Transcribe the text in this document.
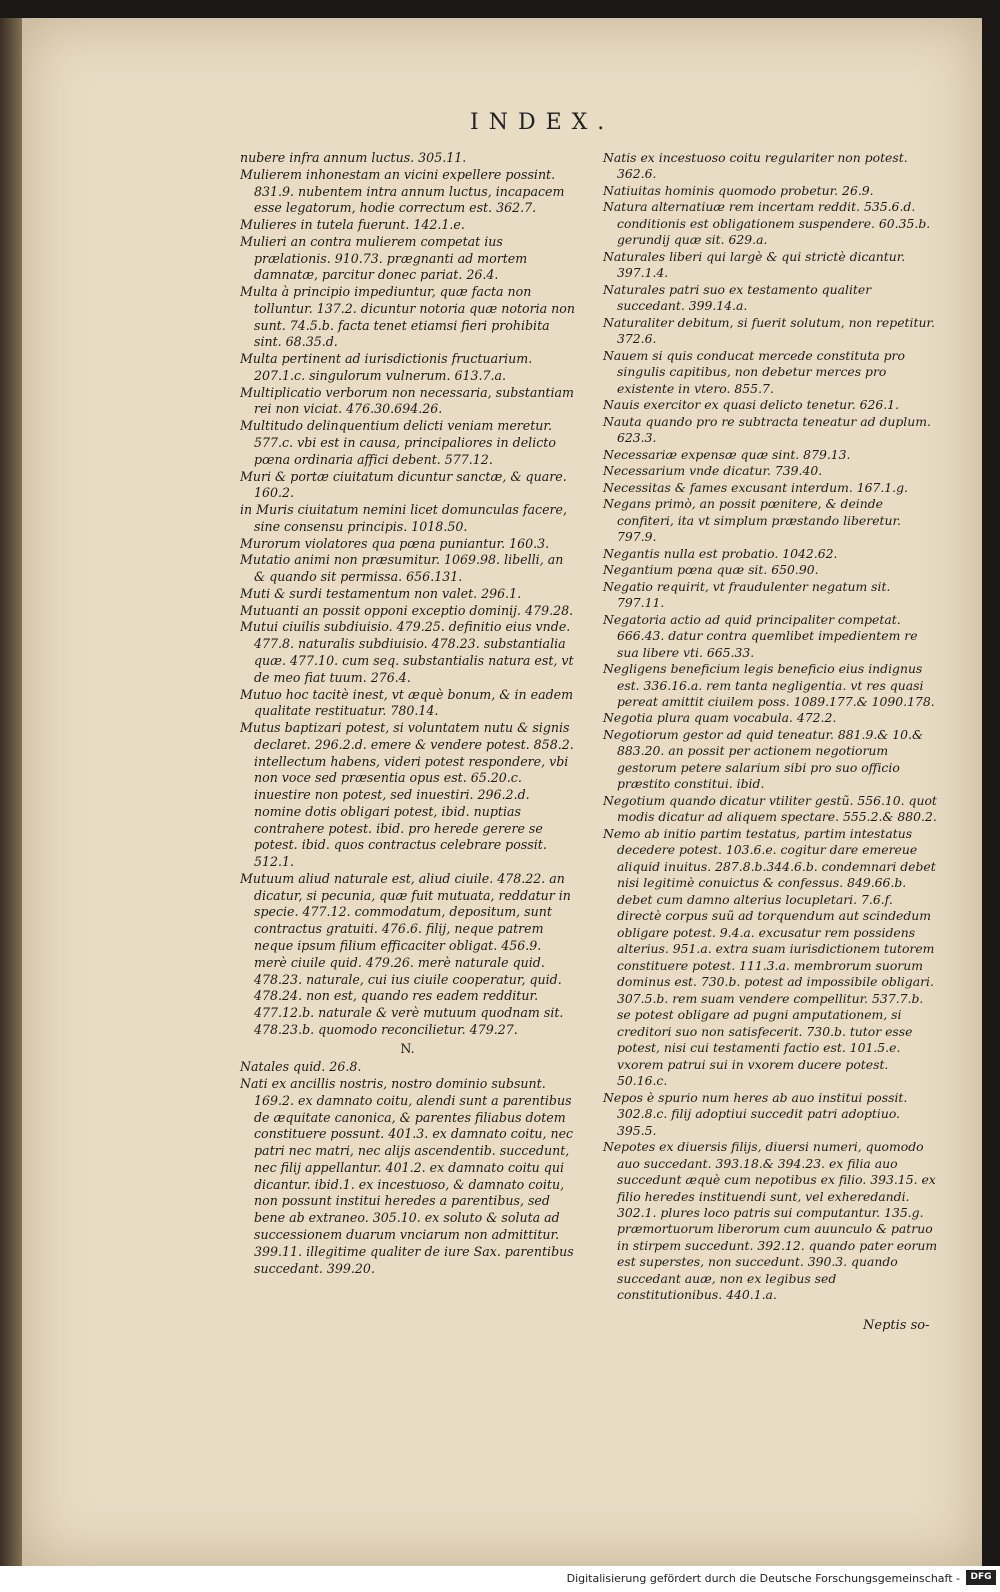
INDEX.

nubere infra annum luctus. 305.11.

Mulierem inhonestam an vicini expellere possint. 831.9. nubentem intra annum luctus, incapacem esse legatorum, hodie correctum est. 362.7.

Mulieres in tutela fuerunt. 142.1.e.

Mulieri an contra mulierem competat ius prælationis. 910.73. prægnanti ad mortem damnatæ, parcitur donec pariat. 26.4.

Multa à principio impediuntur, quæ facta non tolluntur. 137.2. dicuntur notoria quæ notoria non sunt. 74.5.b. facta tenet etiamsi fieri prohibita sint. 68.35.d.

Multa pertinent ad iurisdictionis fructuarium. 207.1.c. singulorum vulnerum. 613.7.a.

Multiplicatio verborum non necessaria, substantiam rei non viciat. 476.30.694.26.

Multitudo delinquentium delicti veniam meretur. 577.c. vbi est in causa, principaliores in delicto pœna ordinaria affici debent. 577.12.

Muri & portæ ciuitatum dicuntur sanctæ, & quare. 160.2.

in Muris ciuitatum nemini licet domunculas facere, sine consensu principis. 1018.50.

Murorum violatores qua pœna puniantur. 160.3.

Mutatio animi non præsumitur. 1069.98. libelli, an & quando sit permissa. 656.131.

Muti & surdi testamentum non valet. 296.1.

Mutuanti an possit opponi exceptio dominij. 479.28.

Mutui ciuilis subdiuisio. 479.25. definitio eius vnde. 477.8. naturalis subdiuisio. 478.23. substantialia quæ. 477.10. cum seq. substantialis natura est, vt de meo fiat tuum. 276.4.

Mutuo hoc tacitè inest, vt æquè bonum, & in eadem qualitate restituatur. 780.14.

Mutus baptizari potest, si voluntatem nutu & signis declaret. 296.2.d. emere & vendere potest. 858.2. intellectum habens, videri potest respondere, vbi non voce sed præsentia opus est. 65.20.c. inuestire non potest, sed inuestiri. 296.2.d. nomine dotis obligari potest, ibid. nuptias contrahere potest. ibid. pro herede gerere se potest. ibid. quos contractus celebrare possit. 512.1.

Mutuum aliud naturale est, aliud ciuile. 478.22. an dicatur, si pecunia, quæ fuit mutuata, reddatur in specie. 477.12. commodatum, depositum, sunt contractus gratuiti. 476.6. filij, neque patrem neque ipsum filium efficaciter obligat. 456.9. merè ciuile quid. 479.26. merè naturale quid. 478.23. naturale, cui ius ciuile cooperatur, quid. 478.24. non est, quando res eadem redditur. 477.12.b. naturale & verè mutuum quodnam sit. 478.23.b. quomodo reconcilietur. 479.27.

N.

Natales quid. 26.8.

Nati ex ancillis nostris, nostro dominio subsunt. 169.2. ex damnato coitu, alendi sunt a parentibus de æquitate canonica, & parentes filiabus dotem constituere possunt. 401.3. ex damnato coitu, nec patri nec matri, nec alijs ascendentib. succedunt, nec filij appellantur. 401.2. ex damnato coitu qui dicantur. ibid.1. ex incestuoso, & damnato coitu, non possunt institui heredes a parentibus, sed bene ab extraneo. 305.10. ex soluto & soluta ad successionem duarum vnciarum non admittitur. 399.11. illegitime qualiter de iure Sax. parentibus succedant. 399.20.

Natis ex incestuoso coitu regulariter non potest. 362.6.

Natiuitas hominis quomodo probetur. 26.9.

Natura alternatiuæ rem incertam reddit. 535.6.d. conditionis est obligationem suspendere. 60.35.b. gerundij quæ sit. 629.a.

Naturales liberi qui largè & qui strictè dicantur. 397.1.4.

Naturales patri suo ex testamento qualiter succedant. 399.14.a.

Naturaliter debitum, si fuerit solutum, non repetitur. 372.6.

Nauem si quis conducat mercede constituta pro singulis capitibus, non debetur merces pro existente in vtero. 855.7.

Nauis exercitor ex quasi delicto tenetur. 626.1.

Nauta quando pro re subtracta teneatur ad duplum. 623.3.

Necessariæ expensæ quæ sint. 879.13.

Necessarium vnde dicatur. 739.40.

Necessitas & fames excusant interdum. 167.1.g.

Negans primò, an possit pœnitere, & deinde confiteri, ita vt simplum præstando liberetur. 797.9.

Negantis nulla est probatio. 1042.62.

Negantium pœna quæ sit. 650.90.

Negatio requirit, vt fraudulenter negatum sit. 797.11.

Negatoria actio ad quid principaliter competat. 666.43. datur contra quemlibet impedientem re sua libere vti. 665.33.

Negligens beneficium legis beneficio eius indignus est. 336.16.a. rem tanta negligentia. vt res quasi pereat amittit ciuilem poss. 1089.177.& 1090.178.

Negotia plura quam vocabula. 472.2.

Negotiorum gestor ad quid teneatur. 881.9.& 10.& 883.20. an possit per actionem negotiorum gestorum petere salarium sibi pro suo officio præstito constitui. ibid.

Negotium quando dicatur vtiliter gestũ. 556.10. quot modis dicatur ad aliquem spectare. 555.2.& 880.2.

Nemo ab initio partim testatus, partim intestatus decedere potest. 103.6.e. cogitur dare emereue aliquid inuitus. 287.8.b.344.6.b. condemnari debet nisi legitimè conuictus & confessus. 849.66.b. debet cum damno alterius locupletari. 7.6.f. directè corpus suũ ad torquendum aut scindedum obligare potest. 9.4.a. excusatur rem possidens alterius. 951.a. extra suam iurisdictionem tutorem constituere potest. 111.3.a. membrorum suorum dominus est. 730.b. potest ad impossibile obligari. 307.5.b. rem suam vendere compellitur. 537.7.b. se potest obligare ad pugni amputationem, si creditori suo non satisfecerit. 730.b. tutor esse potest, nisi cui testamenti factio est. 101.5.e. vxorem patrui sui in vxorem ducere potest. 50.16.c.

Nepos è spurio num heres ab auo institui possit. 302.8.c. filij adoptiui succedit patri adoptiuo. 395.5.

Nepotes ex diuersis filijs, diuersi numeri, quomodo auo succedant. 393.18.& 394.23. ex filia auo succedunt æquè cum nepotibus ex filio. 393.15. ex filio heredes instituendi sunt, vel exheredandi. 302.1. plures loco patris sui computantur. 135.g. præmortuorum liberorum cum auunculo & patruo in stirpem succedunt. 392.12. quando pater eorum est superstes, non succedunt. 390.3. quando succedant auæ, non ex legibus sed constitutionibus. 440.1.a.

Neptis so-
Digitalisierung gefördert durch die Deutsche Forschungsgemeinschaft -	DFG
